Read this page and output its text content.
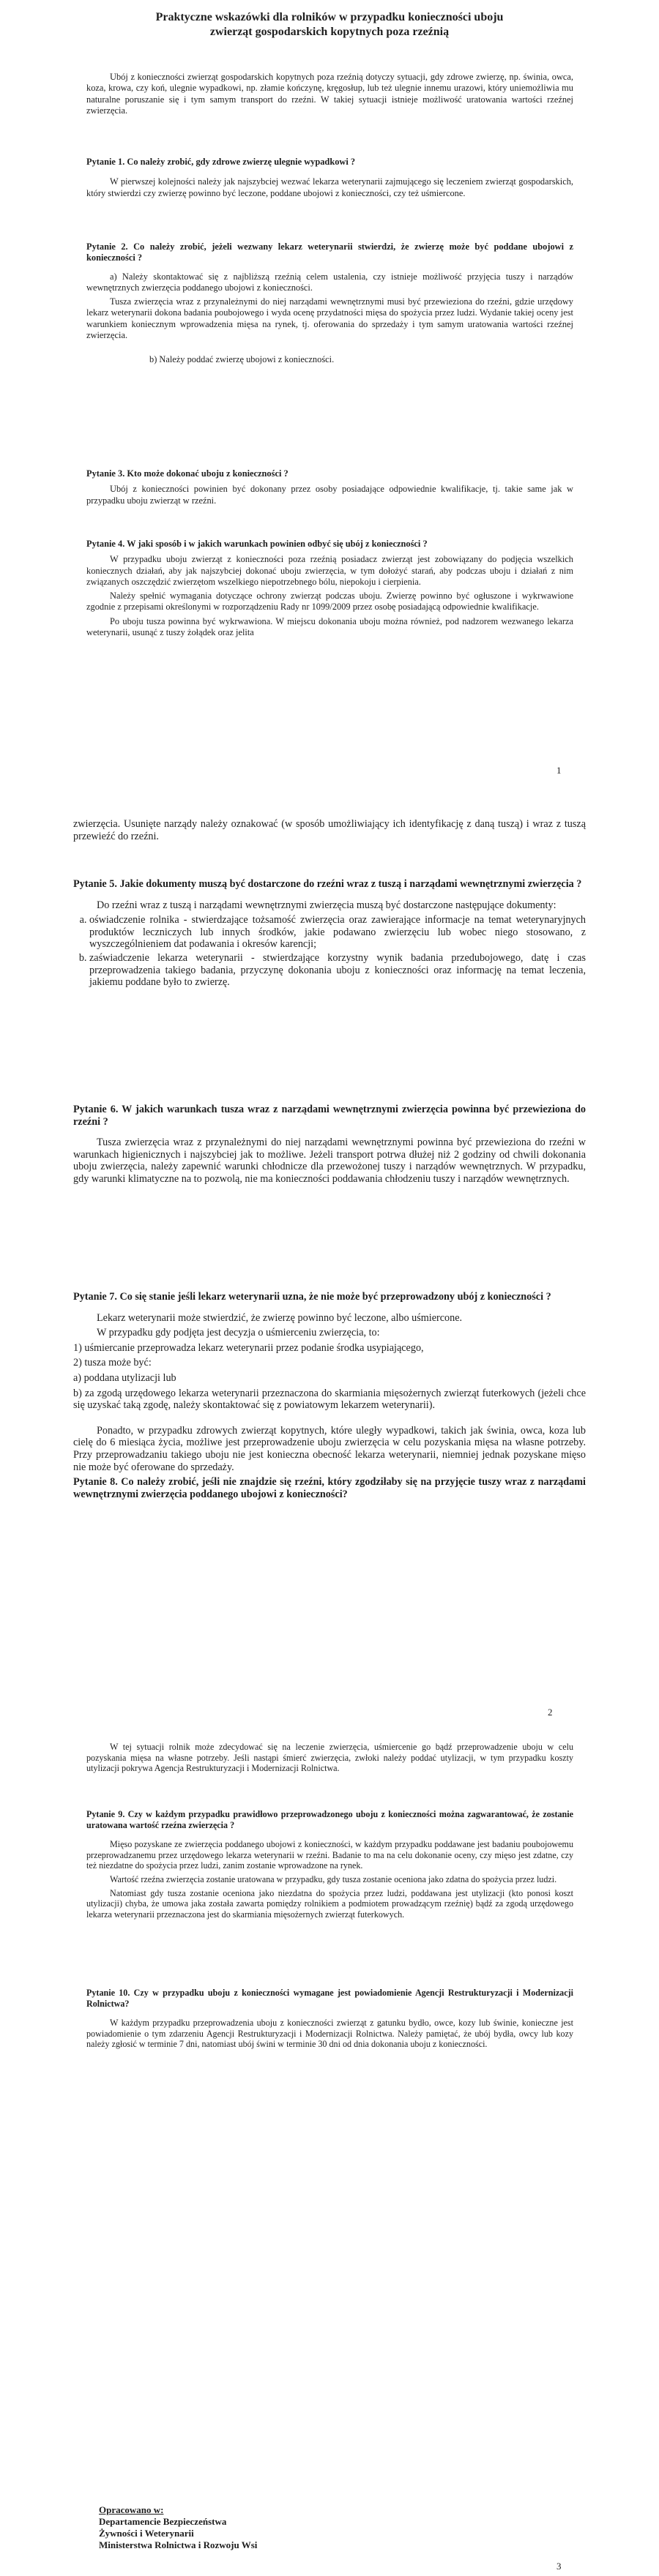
Praktyczne wskazówki dla rolników w przypadku konieczności uboju
zwierząt gospodarskich kopytnych poza rzeźnią

Ubój z konieczności zwierząt gospodarskich kopytnych poza rzeźnią dotyczy sytuacji, gdy zdrowe zwierzę, np. świnia, owca, koza, krowa, czy koń, ulegnie wypadkowi, np. złamie kończynę, kręgosłup, lub też ulegnie innemu urazowi, który uniemożliwia mu naturalne poruszanie się i tym samym transport do rzeźni. W takiej sytuacji istnieje możliwość uratowania wartości rzeźnej zwierzęcia.

Pytanie 1. Co należy zrobić, gdy zdrowe zwierzę ulegnie wypadkowi ?

W pierwszej kolejności należy jak najszybciej wezwać lekarza weterynarii zajmującego się leczeniem zwierząt gospodarskich, który stwierdzi czy zwierzę powinno być leczone, poddane ubojowi z konieczności, czy też uśmiercone.

Pytanie 2. Co należy zrobić, jeżeli wezwany lekarz weterynarii stwierdzi, że zwierzę może być poddane ubojowi z konieczności ?

a) Należy skontaktować się z najbliższą rzeźnią celem ustalenia, czy istnieje możliwość przyjęcia tuszy i narządów wewnętrznych zwierzęcia poddanego ubojowi z konieczności.

Tusza zwierzęcia wraz z przynależnymi do niej narządami wewnętrznymi musi być przewieziona do rzeźni, gdzie urzędowy lekarz weterynarii dokona badania poubojowego i wyda ocenę przydatności mięsa do spożycia przez ludzi. Wydanie takiej oceny jest warunkiem koniecznym wprowadzenia mięsa na rynek, tj. oferowania do sprzedaży i tym samym uratowania wartości rzeźnej zwierzęcia.

b) Należy poddać zwierzę ubojowi z konieczności.

Pytanie 3. Kto może dokonać uboju z konieczności ?

Ubój z konieczności powinien być dokonany przez osoby posiadające odpowiednie kwalifikacje, tj. takie same jak w przypadku uboju zwierząt w rzeźni.

Pytanie 4. W jaki sposób i w jakich warunkach powinien odbyć się ubój z konieczności ?

W przypadku uboju zwierząt z konieczności poza rzeźnią posiadacz zwierząt jest zobowiązany do podjęcia wszelkich koniecznych działań, aby jak najszybciej dokonać uboju zwierzęcia, w tym dołożyć starań, aby podczas uboju i działań z nim związanych oszczędzić zwierzętom wszelkiego niepotrzebnego bólu, niepokoju i cierpienia.

Należy spełnić wymagania dotyczące ochrony zwierząt podczas uboju. Zwierzę powinno być ogłuszone i wykrwawione zgodnie z przepisami określonymi w rozporządzeniu Rady nr 1099/2009 przez osobę posiadającą odpowiednie kwalifikacje.

Po uboju tusza powinna być wykrwawiona. W miejscu dokonania uboju można również, pod nadzorem wezwanego lekarza weterynarii, usunąć z tuszy żołądek oraz jelita

1

zwierzęcia. Usunięte narządy należy oznakować (w sposób umożliwiający ich identyfikację z daną tuszą) i wraz z tuszą przewieźć do rzeźni.

Pytanie 5. Jakie dokumenty muszą być dostarczone do rzeźni wraz z tuszą i narządami wewnętrznymi zwierzęcia ?

Do rzeźni wraz z tuszą i narządami wewnętrznymi zwierzęcia muszą być dostarczone następujące dokumenty:

a. oświadczenie rolnika - stwierdzające tożsamość zwierzęcia oraz zawierające informacje na temat weterynaryjnych produktów leczniczych lub innych środków, jakie podawano zwierzęciu lub wobec niego stosowano, z wyszczególnieniem dat podawania i okresów karencji;
b. zaświadczenie lekarza weterynarii - stwierdzające korzystny wynik badania przedubojowego, datę i czas przeprowadzenia takiego badania, przyczynę dokonania uboju z konieczności oraz informację na temat leczenia, jakiemu poddane było to zwierzę.

Pytanie 6. W jakich warunkach tusza wraz z narządami wewnętrznymi zwierzęcia powinna być przewieziona do rzeźni ?

Tusza zwierzęcia wraz z przynależnymi do niej narządami wewnętrznymi powinna być przewieziona do rzeźni w warunkach higienicznych i najszybciej jak to możliwe. Jeżeli transport potrwa dłużej niż 2 godziny od chwili dokonania uboju zwierzęcia, należy zapewnić warunki chłodnicze dla przewożonej tuszy i narządów wewnętrznych. W przypadku, gdy warunki klimatyczne na to pozwolą, nie ma konieczności poddawania chłodzeniu tuszy i narządów wewnętrznych.

Pytanie 7. Co się stanie jeśli lekarz weterynarii uzna, że nie może być przeprowadzony ubój z konieczności ?

Lekarz weterynarii może stwierdzić, że zwierzę powinno być leczone, albo uśmiercone.

W przypadku gdy podjęta jest decyzja o uśmierceniu zwierzęcia, to:

1) uśmiercanie przeprowadza lekarz weterynarii przez podanie środka usypiającego,

2) tusza może być:

a) poddana utylizacji lub

b) za zgodą urzędowego lekarza weterynarii przeznaczona do skarmiania mięsożernych zwierząt futerkowych (jeżeli chce się uzyskać taką zgodę, należy skontaktować się z powiatowym lekarzem weterynarii).

Ponadto, w przypadku zdrowych zwierząt kopytnych, które uległy wypadkowi, takich jak świnia, owca, koza lub cielę do 6 miesiąca życia, możliwe jest przeprowadzenie uboju zwierzęcia w celu pozyskania mięsa na własne potrzeby. Przy przeprowadzaniu takiego uboju nie jest konieczna obecność lekarza weterynarii, niemniej jednak pozyskane mięso nie może być oferowane do sprzedaży.

Pytanie 8. Co należy zrobić, jeśli nie znajdzie się rzeźni, który zgodziłaby się na przyjęcie tuszy wraz z narządami wewnętrznymi zwierzęcia poddanego ubojowi z konieczności?

2

W tej sytuacji rolnik może zdecydować się na leczenie zwierzęcia, uśmiercenie go bądź przeprowadzenie uboju w celu pozyskania mięsa na własne potrzeby. Jeśli nastąpi śmierć zwierzęcia, zwłoki należy poddać utylizacji, w tym przypadku koszty utylizacji pokrywa Agencja Restrukturyzacji i Modernizacji Rolnictwa.

Pytanie 9. Czy w każdym przypadku prawidłowo przeprowadzonego uboju z konieczności można zagwarantować, że zostanie uratowana wartość rzeźna zwierzęcia ?

Mięso pozyskane ze zwierzęcia poddanego ubojowi z konieczności, w każdym przypadku poddawane jest badaniu poubojowemu przeprowadzanemu przez urzędowego lekarza weterynarii w rzeźni. Badanie to ma na celu dokonanie oceny, czy mięso jest zdatne, czy też niezdatne do spożycia przez ludzi, zanim zostanie wprowadzone na rynek.

Wartość rzeźna zwierzęcia zostanie uratowana w przypadku, gdy tusza zostanie oceniona jako zdatna do spożycia przez ludzi.

Natomiast gdy tusza zostanie oceniona jako niezdatna do spożycia przez ludzi, poddawana jest utylizacji (kto ponosi koszt utylizacji) chyba, że umowa jaka została zawarta pomiędzy rolnikiem a podmiotem prowadzącym rzeźnię) bądź za zgodą urzędowego lekarza weterynarii przeznaczona jest do skarmiania mięsożernych zwierząt futerkowych.

Pytanie 10. Czy w przypadku uboju z konieczności wymagane jest powiadomienie Agencji Restrukturyzacji i Modernizacji Rolnictwa?

W każdym przypadku przeprowadzenia uboju z konieczności zwierząt z gatunku bydło, owce, kozy lub świnie, konieczne jest powiadomienie o tym zdarzeniu Agencji Restrukturyzacji i Modernizacji Rolnictwa. Należy pamiętać, że ubój bydła, owcy lub kozy należy zgłosić w terminie 7 dni, natomiast ubój świni w terminie 30 dni od dnia dokonania uboju z konieczności.

Opracowano w:

Departamencie Bezpieczeństwa

Żywności i Weterynarii

Ministerstwa Rolnictwa i Rozwoju Wsi

3
